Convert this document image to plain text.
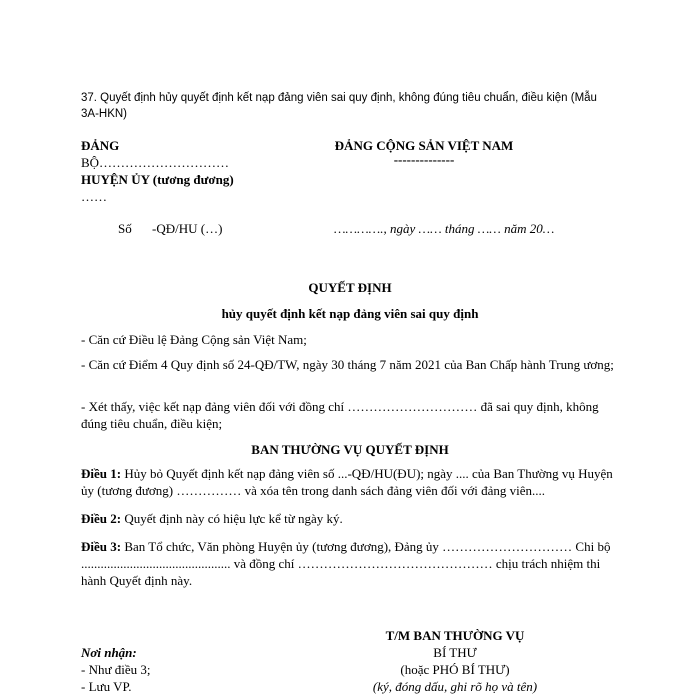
37. Quyết định hủy quyết định kết nạp đảng viên sai quy định, không đúng tiêu chuẩn, điều kiện (Mẫu
3A-HKN)
ĐẢNG
BỘ…………………………
HUYỆN ỦY (tương đương)
……
ĐẢNG CỘNG SẢN VIỆT NAM
--------------
Số -QĐ/HU (…)	…………., ngày …… tháng …… năm 20…
QUYẾT ĐỊNH
hủy quyết định kết nạp đảng viên sai quy định
- Căn cứ Điều lệ Đảng Cộng sản Việt Nam;
- Căn cứ Điểm 4 Quy định số 24-QĐ/TW, ngày 30 tháng 7 năm 2021 của Ban Chấp hành Trung ương;
- Xét thấy, việc kết nạp đảng viên đối với đồng chí ………………………… đã sai quy định, không đúng tiêu chuẩn, điều kiện;
BAN THƯỜNG VỤ QUYẾT ĐỊNH
Điều 1: Hủy bỏ Quyết định kết nạp đảng viên số ...-QĐ/HU(ĐU); ngày .... của Ban Thường vụ Huyện ủy (tương đương) …………… và xóa tên trong danh sách đảng viên đối với đảng viên....
Điều 2: Quyết định này có hiệu lực kể từ ngày ký.
Điều 3: Ban Tổ chức, Văn phòng Huyện ủy (tương đương), Đảng ủy ………………………… Chi bộ .............................................. và đồng chí ……………………………………… chịu trách nhiệm thi hành Quyết định này.
Nơi nhận:
- Như điều 3;
- Lưu VP.
T/M BAN THƯỜNG VỤ
BÍ THƯ
(hoặc PHÓ BÍ THƯ)
(ký, đóng dấu, ghi rõ họ và tên)
